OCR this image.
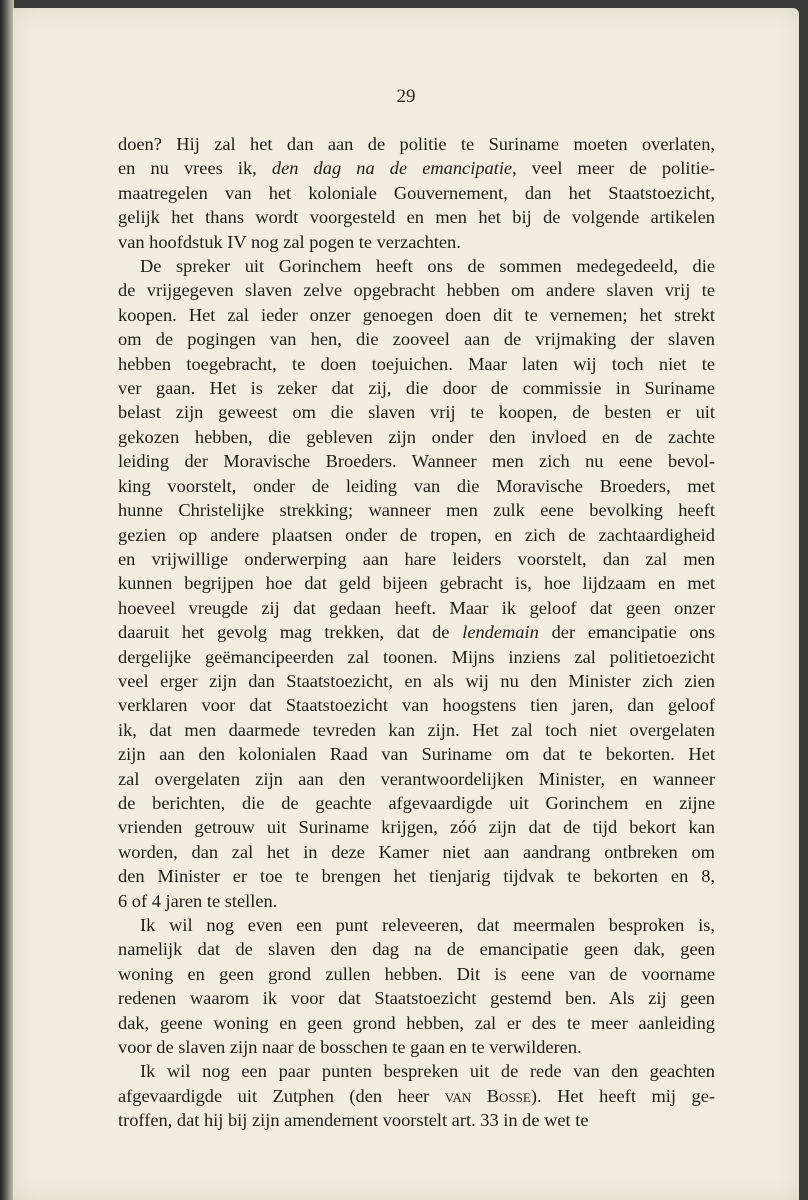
29
doen? Hij zal het dan aan de politie te Suriname moeten overlaten,
en nu vrees ik, den dag na de emancipatie, veel meer de politie-
maatregelen van het koloniale Gouvernement, dan het Staatstoezicht,
gelijk het thans wordt voorgesteld en men het bij de volgende artikelen
van hoofdstuk IV nog zal pogen te verzachten.
De spreker uit Gorinchem heeft ons de sommen medegedeeld, die
de vrijgegeven slaven zelve opgebracht hebben om andere slaven vrij te
koopen. Het zal ieder onzer genoegen doen dit te vernemen; het strekt
om de pogingen van hen, die zooveel aan de vrijmaking der slaven
hebben toegebracht, te doen toejuichen. Maar laten wij toch niet te
ver gaan. Het is zeker dat zij, die door de commissie in Suriname
belast zijn geweest om die slaven vrij te koopen, de besten er uit
gekozen hebben, die gebleven zijn onder den invloed en de zachte
leiding der Moravische Broeders. Wanneer men zich nu eene bevol-
king voorstelt, onder de leiding van die Moravische Broeders, met
hunne Christelijke strekking; wanneer men zulk eene bevolking heeft
gezien op andere plaatsen onder de tropen, en zich de zachtaardigheid
en vrijwillige onderwerping aan hare leiders voorstelt, dan zal men
kunnen begrijpen hoe dat geld bijeen gebracht is, hoe lijdzaam en met
hoeveel vreugde zij dat gedaan heeft. Maar ik geloof dat geen onzer
daaruit het gevolg mag trekken, dat de lendemain der emancipatie ons
dergelijke geëmancipeerden zal toonen. Mijns inziens zal politietoezicht
veel erger zijn dan Staatstoezicht, en als wij nu den Minister zich zien
verklaren voor dat Staatstoezicht van hoogstens tien jaren, dan geloof
ik, dat men daarmede tevreden kan zijn. Het zal toch niet overgelaten
zijn aan den kolonialen Raad van Suriname om dat te bekorten. Het
zal overgelaten zijn aan den verantwoordelijken Minister, en wanneer
de berichten, die de geachte afgevaardigde uit Gorinchem en zijne
vrienden getrouw uit Suriname krijgen, zóó zijn dat de tijd bekort kan
worden, dan zal het in deze Kamer niet aan aandrang ontbreken om
den Minister er toe te brengen het tienjarig tijdvak te bekorten en 8,
6 of 4 jaren te stellen.
Ik wil nog even een punt releveeren, dat meermalen besproken is,
namelijk dat de slaven den dag na de emancipatie geen dak, geen
woning en geen grond zullen hebben. Dit is eene van de voorname
redenen waarom ik voor dat Staatstoezicht gestemd ben. Als zij geen
dak, geene woning en geen grond hebben, zal er des te meer aanleiding
voor de slaven zijn naar de bosschen te gaan en te verwilderen.
Ik wil nog een paar punten bespreken uit de rede van den geachten
afgevaardigde uit Zutphen (den heer van Bosse). Het heeft mij ge-
troffen, dat hij bij zijn amendement voorstelt art. 33 in de wet te
